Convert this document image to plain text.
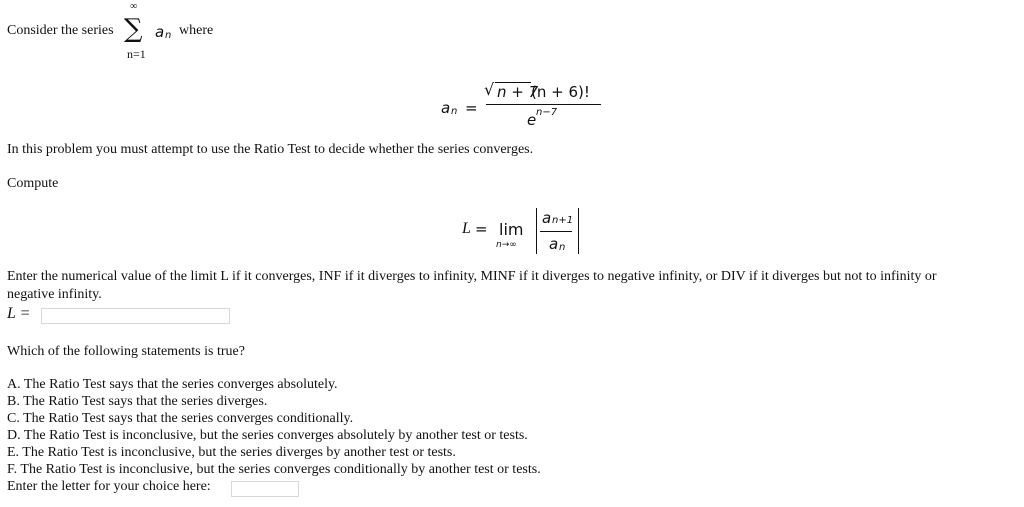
Consider the series
∞
∑
n=1
a n where
a n =
√ n + 7
(n + 6)!
e n−7
In this problem you must attempt to use the Ratio Test to decide whether the series converges.
Compute
L = lim
n→∞
a n+1
a n
Enter the numerical value of the limit L if it converges, INF if it diverges to infinity, MINF if it diverges to negative infinity, or DIV if it diverges but not to infinity or
negative infinity.
L =
Which of the following statements is true?
A. The Ratio Test says that the series converges absolutely.
B. The Ratio Test says that the series diverges.
C. The Ratio Test says that the series converges conditionally.
D. The Ratio Test is inconclusive, but the series converges absolutely by another test or tests.
E. The Ratio Test is inconclusive, but the series diverges by another test or tests.
F. The Ratio Test is inconclusive, but the series converges conditionally by another test or tests.
Enter the letter for your choice here:
